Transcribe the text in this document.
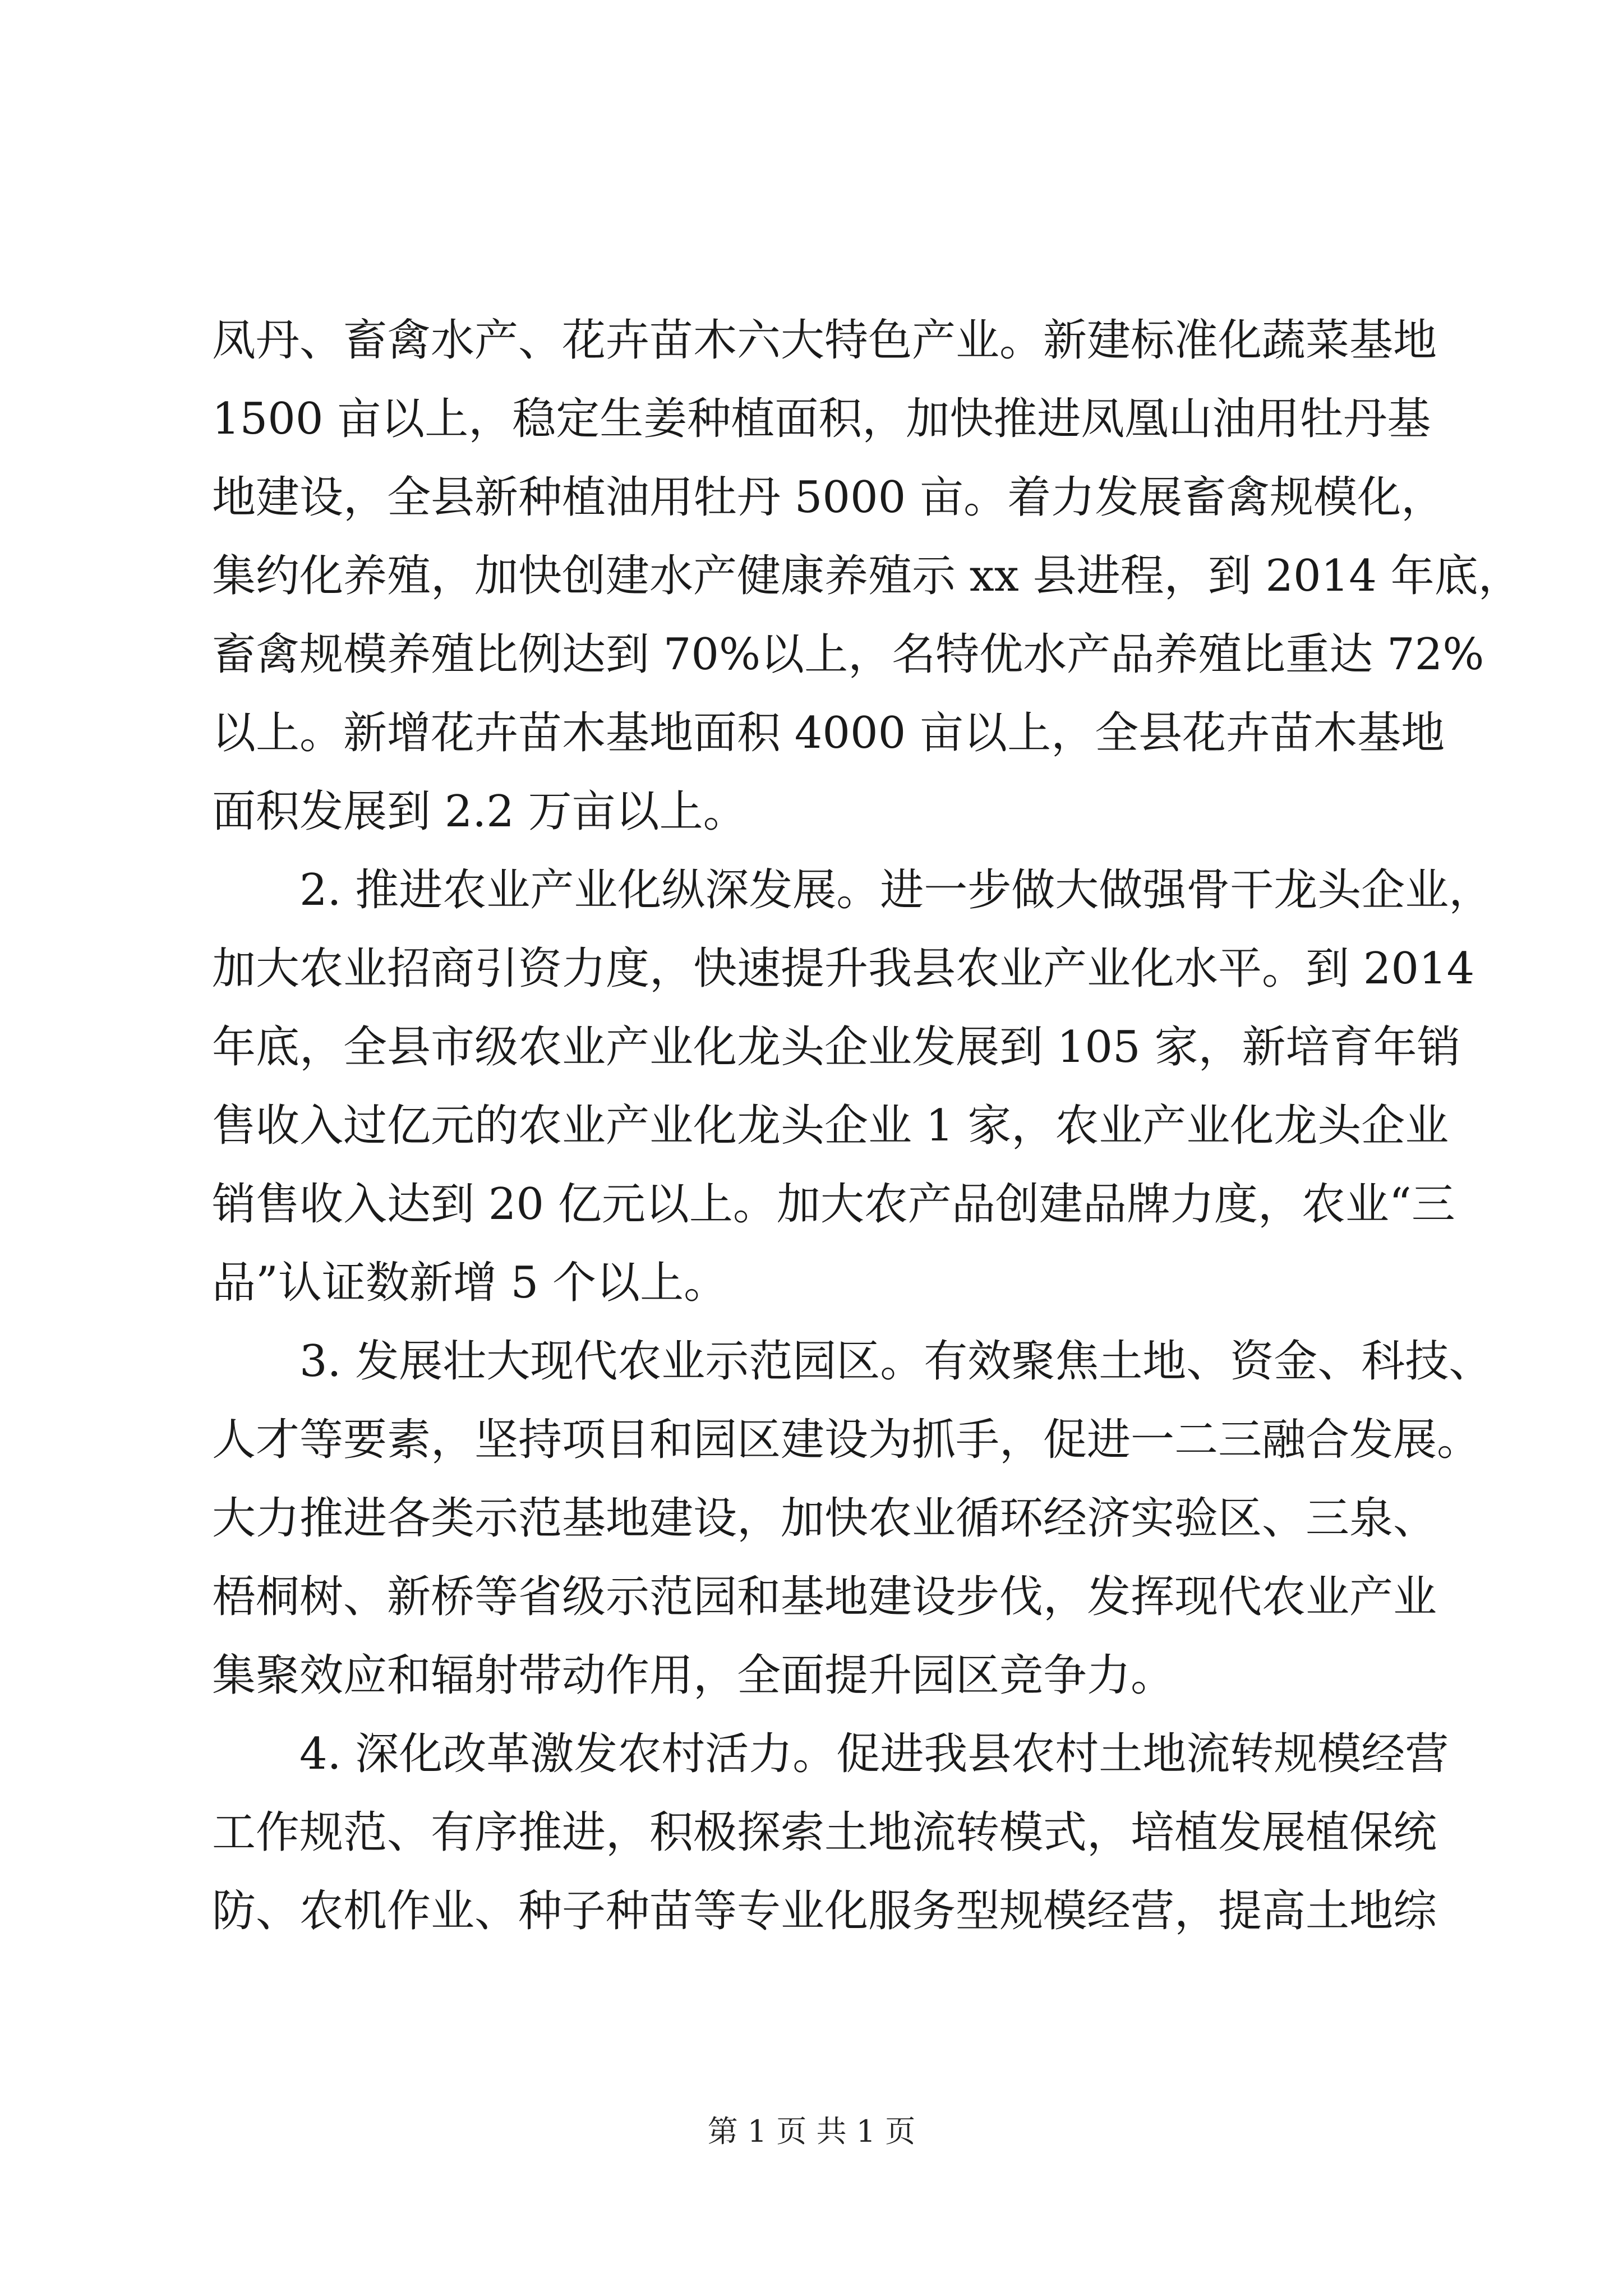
凤丹、畜禽水产、花卉苗木六大特色产业。新建标准化蔬菜基地
1500 亩以上，稳定生姜种植面积，加快推进凤凰山油用牡丹基
地建设，全县新种植油用牡丹 5000 亩。着力发展畜禽规模化，
集约化养殖，加快创建水产健康养殖示 xx 县进程，到 2014 年底，
畜禽规模养殖比例达到 70%以上，名特优水产品养殖比重达 72%
以上。新增花卉苗木基地面积 4000 亩以上，全县花卉苗木基地
面积发展到 2.2 万亩以上。
2. 推进农业产业化纵深发展。进一步做大做强骨干龙头企业，
加大农业招商引资力度，快速提升我县农业产业化水平。到 2014
年底，全县市级农业产业化龙头企业发展到 105 家，新培育年销
售收入过亿元的农业产业化龙头企业 1 家，农业产业化龙头企业
销售收入达到 20 亿元以上。加大农产品创建品牌力度，农业“三
品”认证数新增 5 个以上。
3. 发展壮大现代农业示范园区。有效聚焦土地、资金、科技、
人才等要素，坚持项目和园区建设为抓手，促进一二三融合发展。
大力推进各类示范基地建设，加快农业循环经济实验区、三泉、
梧桐树、新桥等省级示范园和基地建设步伐，发挥现代农业产业
集聚效应和辐射带动作用，全面提升园区竞争力。
4. 深化改革激发农村活力。促进我县农村土地流转规模经营
工作规范、有序推进，积极探索土地流转模式，培植发展植保统
防、农机作业、种子种苗等专业化服务型规模经营，提高土地综
第 1 页 共 1 页
